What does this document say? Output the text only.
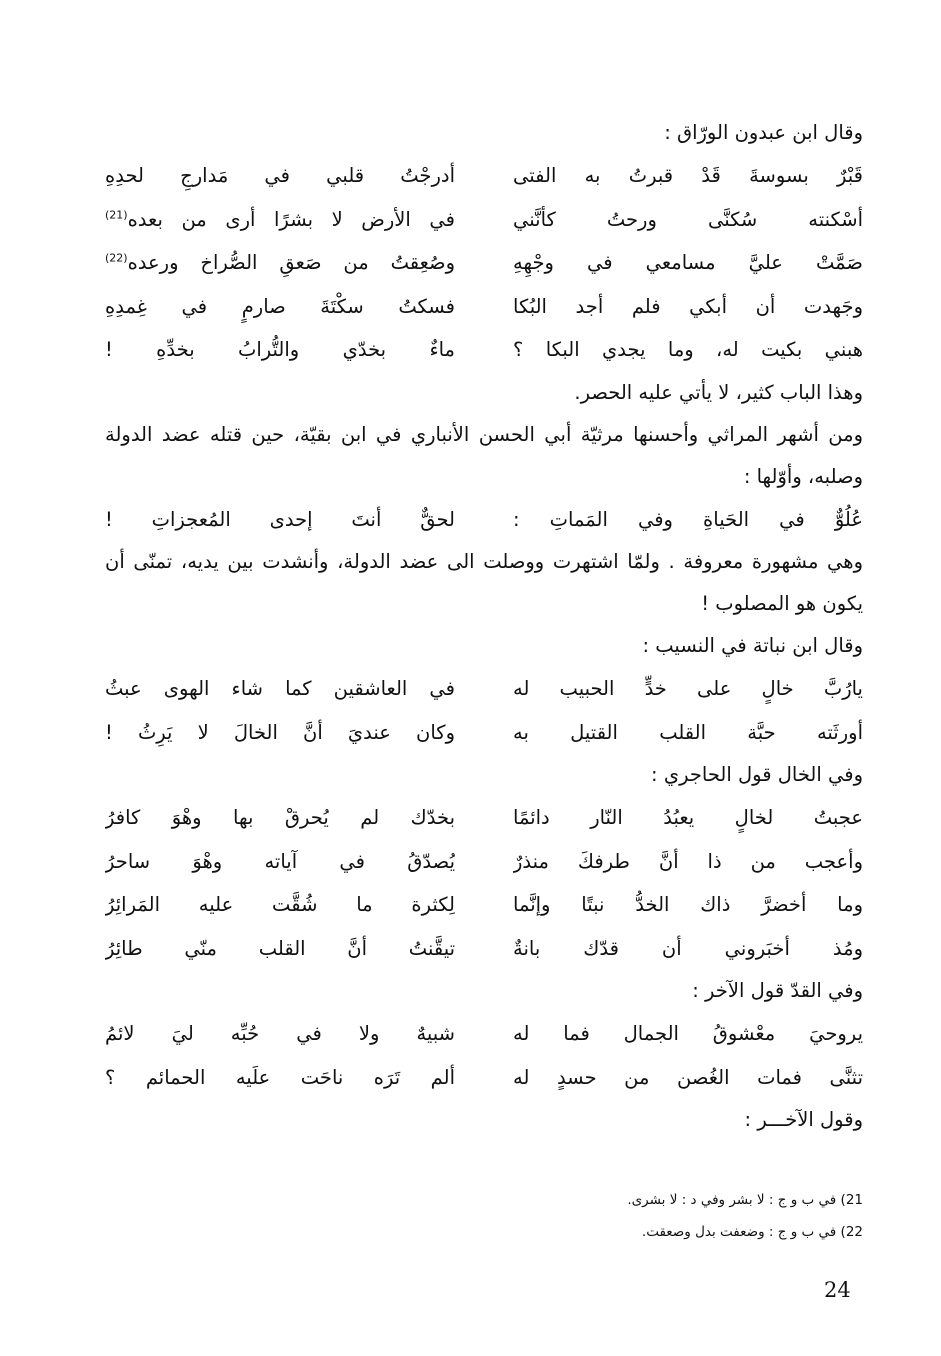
وقال ابن عبدون الورّاق :

قَبْرٌ بسوسةَ قَدْ قبرتُ به الفتى
أدرجْتُ قلبي في مَدارجِ لحدِهِ
أسْكنته سُكنَّى ورحتُ كأنَّني
في الأرض لا بشرًا أرى من بعده$^{(21)}$
صَمَّتْ عليَّ مسامعي في وجْهِهِ
وصُعِقتُ من صَعقِ الصُّراخ ورعده$^{(22)}$
وجَهدت أن أبكي فلم أجد البُكا
فسكتُ سكْتَةَ صارمٍ في غِمدِهِ
هبني بكيت له، وما يجدي البكا ؟
ماءٌ بخدّي والتُّرابُ بخدِّهِ !

وهذا الباب كثير، لا يأتي عليه الحصر.

ومن أشهر المراثي وأحسنها مرثيّة أبي الحسن الأنباري في ابن بقيّة، حين قتله عضد الدولة وصلبه، وأوّلها :

عُلُوٌّ في الحَياةِ وفي المَماتِ :
لحقٌّ أنتَ إحدى المُعجزاتِ !

وهي مشهورة معروفة . ولمّا اشتهرت ووصلت الى عضد الدولة، وأنشدت بين يديه، تمنّى أن يكون هو المصلوب !

وقال ابن نباتة في النسيب :

يارُبَّ خالٍ على خدٍّ الحبيب له
في العاشقين كما شاء الهوى عبثُ
أورثَته حبَّة القلب القتيل به
وكان عنديَ أنَّ الخالَ لا يَرِثُ !

وفي الخال قول الحاجري :

عجبتُ لخالٍ يعبُدُ النّار دائمًا
بخدّك لم يُحرقْ بها وهْوَ كافرُ
وأعجب من ذا أنَّ طرفكَ منذرٌ
يُصدّقُ في آياته وهْوَ ساحرُ
وما أخضرَّ ذاك الخدُّ نبتًا وإنَّما
لِكثرة ما شُقَّت عليه المَرائِرُ
ومُذ أخبَروني أن قدّك بانةٌ
تيقَّنتُ أنَّ القلب منّي طائِرُ

وفي القدّ قول الآخر :

يروحيَ معْشوقُ الجمال فما له
شبيهٌ ولا في حُبِّه ليَ لائمُ
تثنَّى فمات الغُصن من حسدٍ له
ألم تَرَه ناحَت علَيه الحمائم ؟

وقول الآخـــر :

21) في ب و ج : لا بشر وفي د : لا بشرى.
22) في ب و ج : وضعفت بدل وصعقت.
24
